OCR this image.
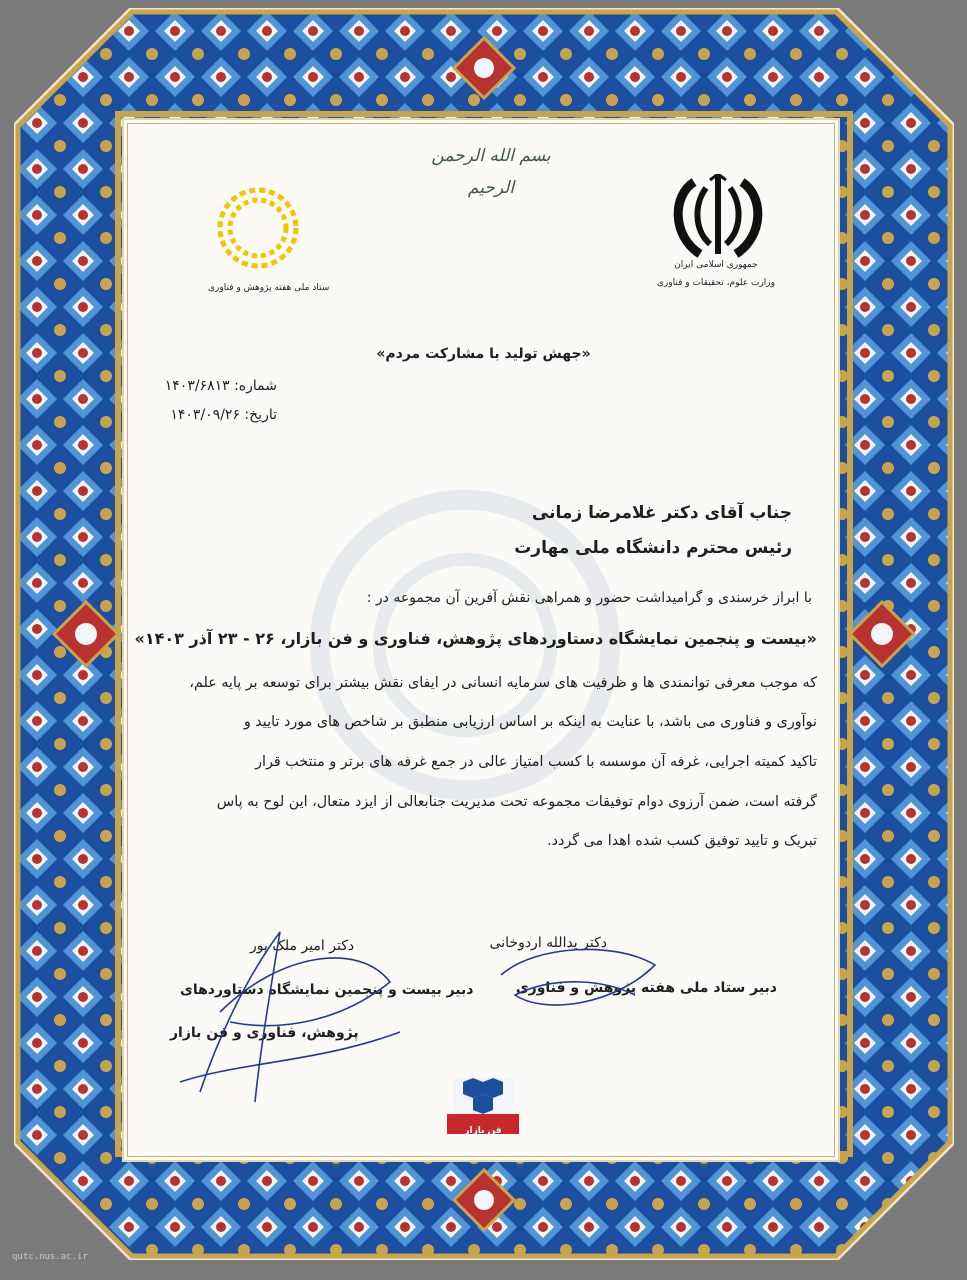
بسم الله الرحمن الرحیم
جمهوری اسلامی ایران
وزارت علوم، تحقیقات و فناوری
ستاد ملی هفته پژوهش و فناوری
«جهش تولید با مشارکت مردم»
شماره: ۱۴۰۳/۶۸۱۳
تاریخ: ۱۴۰۳/۰۹/۲۶
جناب آقای دکتر غلامرضا زمانی
رئیس محترم دانشگاه ملی مهارت
با ابراز خرسندی و گرامیداشت حضور و همراهی نقش آفرین آن مجموعه در :
«بیست و پنجمین نمایشگاه دستاوردهای پژوهش، فناوری و فن بازار، ۲۶ - ۲۳ آذر ۱۴۰۳»
که موجب معرفی توانمندی ها و ظرفیت های سرمایه انسانی در ایفای نقش بیشتر برای توسعه بر پایه علم،
نوآوری و فناوری می باشد، با عنایت به اینکه بر اساس ارزیابی منطبق بر شاخص های مورد تایید و
تاکید کمیته اجرایی، غرفه آن موسسه با کسب امتیاز عالی در جمع غرفه های برتر و منتخب قرار
گرفته است، ضمن آرزوی دوام توفیقات مجموعه تحت مدیریت جنابعالی از ایزد متعال، این لوح به پاس
تبریک و تایید توفیق کسب شده اهدا می گردد.
دکتر یدالله اردوخانی
دبیر ستاد ملی هفته پژوهش و فناوری
دکتر امیر ملک پور
دبیر بیست و پنجمین نمایشگاه دستاوردهای
پژوهش، فناوری و فن بازار
فن بازار
qutc.nus.ac.ir
